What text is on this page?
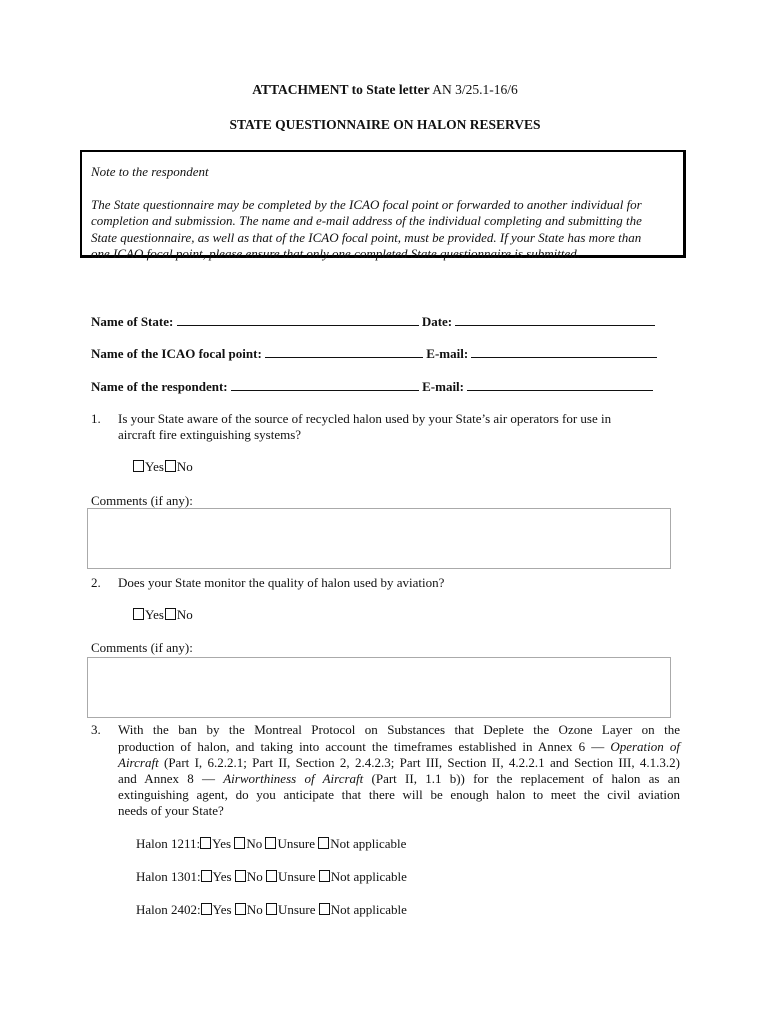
ATTACHMENT to State letter AN 3/25.1-16/6
STATE QUESTIONNAIRE ON HALON RESERVES
Note to the respondent
The State questionnaire may be completed by the ICAO focal point or forwarded to another individual for
completion and submission. The name and e-mail address of the individual completing and submitting the
State questionnaire, as well as that of the ICAO focal point, must be provided. If your State has more than
one ICAO focal point, please ensure that only one completed State questionnaire is submitted.
Name of State:	Date:
Name of the ICAO focal point:	E-mail:
Name of the respondent:	E-mail:
1. Is your State aware of the source of recycled halon used by your State’s air operators for use in
aircraft fire extinguishing systems?
Yes No
Comments (if any):
2. Does your State monitor the quality of halon used by aviation?
Yes No
Comments (if any):
3. With the ban by the Montreal Protocol on Substances that Deplete the Ozone Layer on the
production of halon, and taking into account the timeframes established in Annex 6 — Operation of
Aircraft (Part I, 6.2.2.1; Part II, Section 2, 2.4.2.3; Part III, Section II, 4.2.2.1 and Section III, 4.1.3.2)
and Annex 8 — Airworthiness of Aircraft (Part II, 1.1 b)) for the replacement of halon as an
extinguishing agent, do you anticipate that there will be enough halon to meet the civil aviation
needs of your State?
Halon 1211: Yes No Unsure Not applicable
Halon 1301: Yes No Unsure Not applicable
Halon 2402: Yes No Unsure Not applicable
